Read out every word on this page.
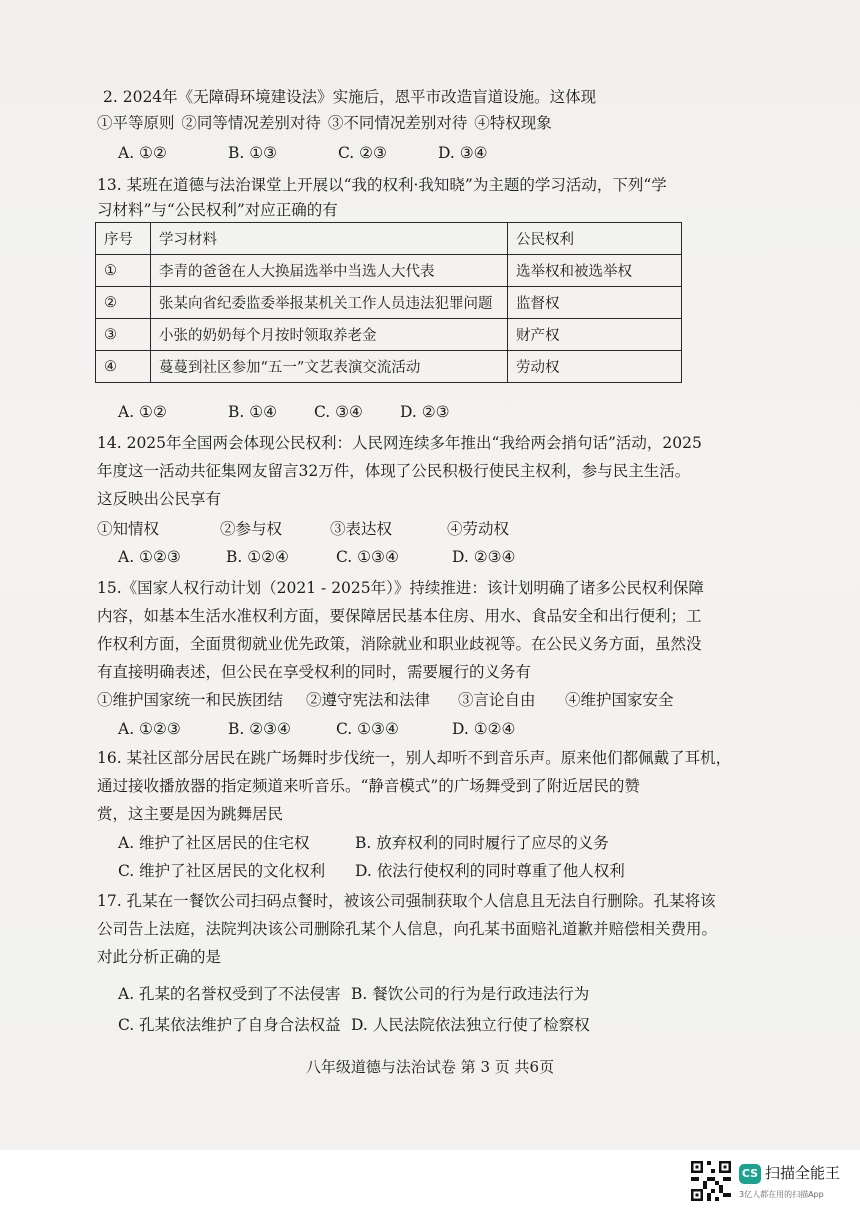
2. 2024年《无障碍环境建设法》实施后，恩平市改造盲道设施。这体现
①平等原则 ②同等情况差别对待 ③不同情况差别对待 ④特权现象
A. ①②	B. ①③	C. ②③	D. ③④
13. 某班在道德与法治课堂上开展以“我的权利·我知晓”为主题的学习活动，下列“学
习材料”与“公民权利”对应正确的有
序号	学习材料	公民权利
①	李青的爸爸在人大换届选举中当选人大代表	选举权和被选举权
②	张某向省纪委监委举报某机关工作人员违法犯罪问题	监督权
③	小张的奶奶每个月按时领取养老金	财产权
④	蔓蔓到社区参加“五一”文艺表演交流活动	劳动权
A. ①②	B. ①④ C. ③④ D. ②③
14. 2025年全国两会体现公民权利：人民网连续多年推出“我给两会捎句话”活动，2025
年度这一活动共征集网友留言32万件，体现了公民积极行使民主权利，参与民主生活。
这反映出公民享有
①知情权	②参与权	③表达权	④劳动权
A. ①②③	B. ①②④	C. ①③④	D. ②③④
15.《国家人权行动计划（2021 - 2025年）》持续推进：该计划明确了诸多公民权利保障
内容，如基本生活水准权利方面，要保障居民基本住房、用水、食品安全和出行便利；工
作权利方面，全面贯彻就业优先政策，消除就业和职业歧视等。在公民义务方面，虽然没
有直接明确表述，但公民在享受权利的同时，需要履行的义务有
①维护国家统一和民族团结 ②遵守宪法和法律 ③言论自由 ④维护国家安全
A. ①②③	B. ②③④	C. ①③④	D. ①②④
16. 某社区部分居民在跳广场舞时步伐统一，别人却听不到音乐声。原来他们都佩戴了耳机，
通过接收播放器的指定频道来听音乐。“静音模式”的广场舞受到了附近居民的赞
赏，这主要是因为跳舞居民
A. 维护了社区居民的住宅权	B. 放弃权利的同时履行了应尽的义务
C. 维护了社区居民的文化权利 D. 依法行使权利的同时尊重了他人权利
17. 孔某在一餐饮公司扫码点餐时，被该公司强制获取个人信息且无法自行删除。孔某将该
公司告上法庭，法院判决该公司删除孔某个人信息，向孔某书面赔礼道歉并赔偿相关费用。
对此分析正确的是
A. 孔某的名誉权受到了不法侵害 B. 餐饮公司的行为是行政违法行为
C. 孔某依法维护了自身合法权益 D. 人民法院依法独立行使了检察权
八年级道德与法治试卷 第 3 页 共6页
CS 扫描全能王
3亿人都在用的扫描App
